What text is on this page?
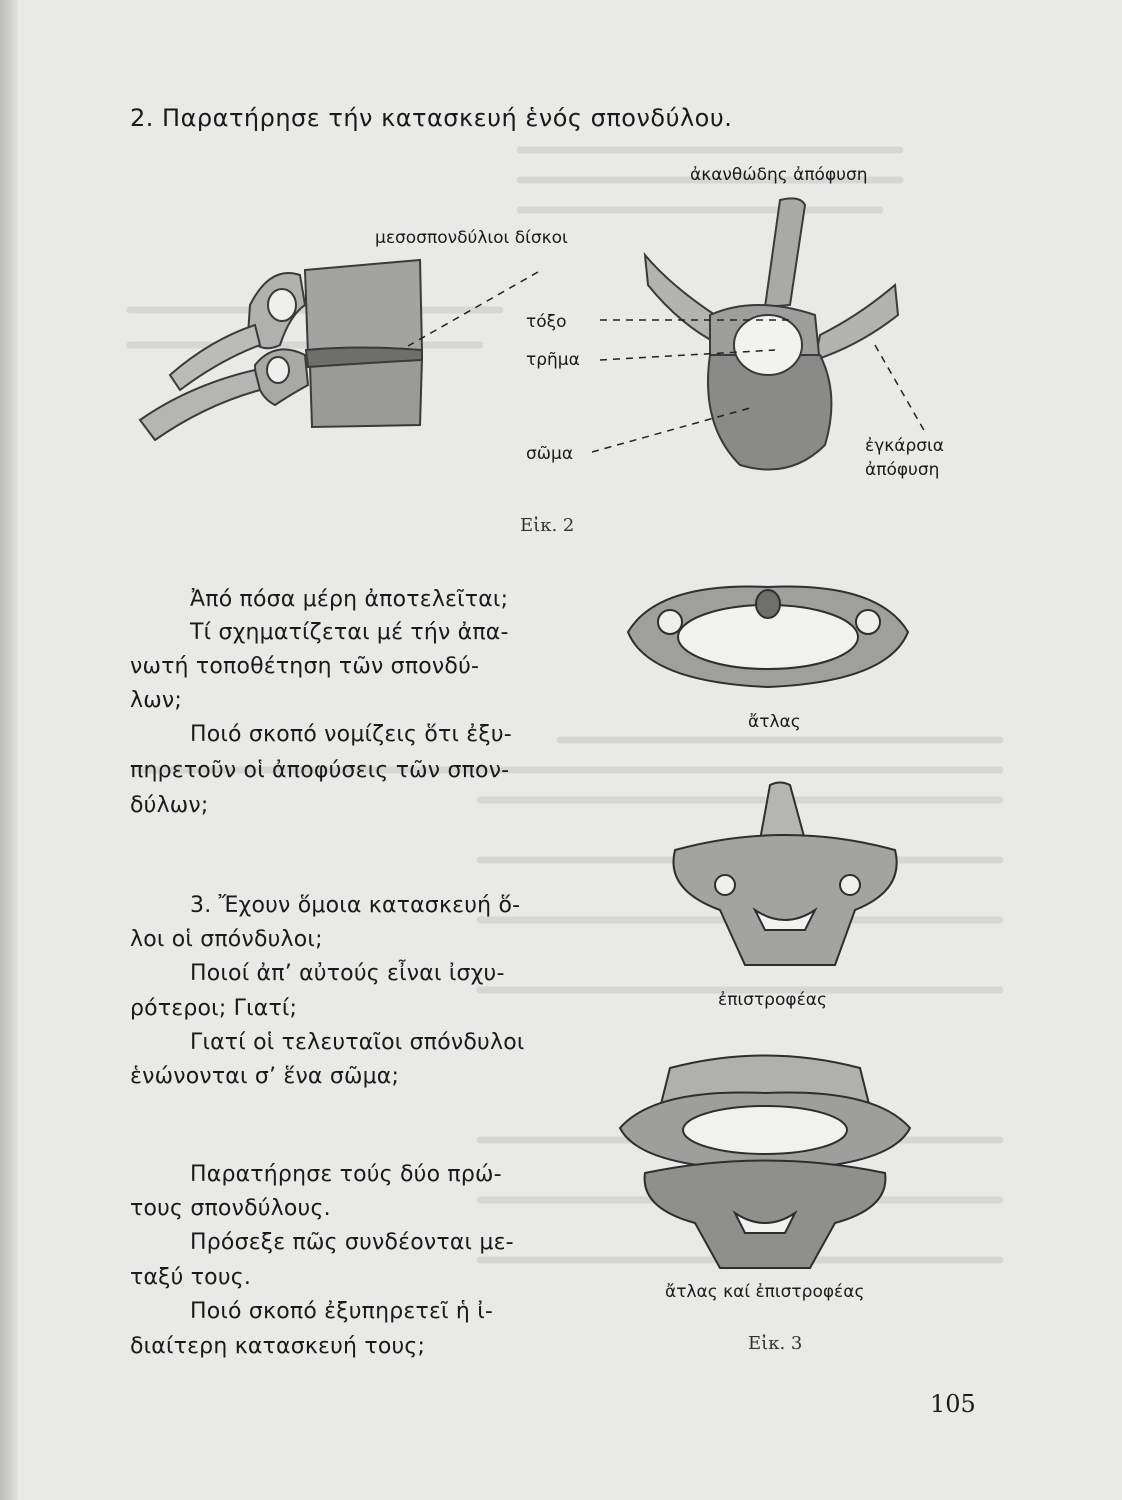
2. Παρατήρησε τήν κατασκευή ἑνός σπονδύλου.
ἀκανθώδης ἀπόφυση
μεσοσπονδύλιοι δίσκοι
τόξο
τρῆμα
σῶμα	ἐγκάρσια
ἀπόφυση
Εἰκ. 2
ἄτλας
ἐπιστροφέας
ἄτλας καί ἐπιστροφέας
Εἰκ. 3
Ἀπό πόσα μέρη ἀποτελεῖται;
Τί σχηματίζεται μέ τήν ἀπα-
νωτή τοποθέτηση τῶν σπονδύ-
λων;
Ποιό σκοπό νομίζεις ὅτι ἐξυ-
πηρετοῦν οἱ ἀποφύσεις τῶν σπον-
δύλων;
3. Ἔχουν ὅμοια κατασκευή ὅ-
λοι οἱ σπόνδυλοι;
Ποιοί ἀπ’ αὐτούς εἶναι ἰσχυ-
ρότεροι; Γιατί;
Γιατί οἱ τελευταῖοι σπόνδυλοι
ἑνώνονται σ’ ἕνα σῶμα;
Παρατήρησε τούς δύο πρώ-
τους σπονδύλους.
Πρόσεξε πῶς συνδέονται με-
ταξύ τους.
Ποιό σκοπό ἐξυπηρετεῖ ἡ ἰ-
διαίτερη κατασκευή τους;
105
